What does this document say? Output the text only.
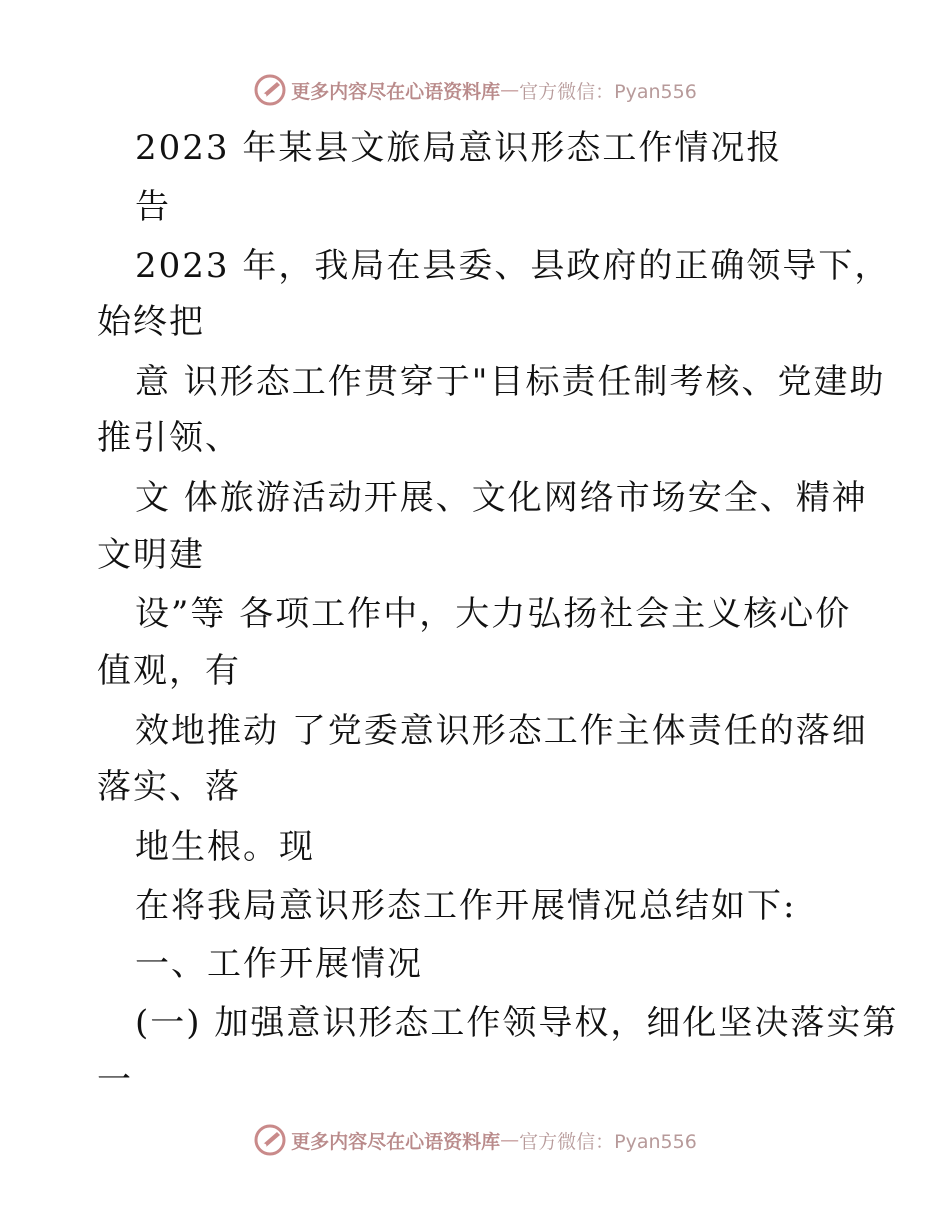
更多内容尽在心语资料库 — 官方微信：Pyan556
2023 年某县文旅局意识形态工作情况报
告
2023 年，我局在县委、县政府的正确领导下，
始终把
意 识形态工作贯穿于"目标责任制考核、党建助
推引领、
文 体旅游活动开展、文化网络市场安全、精神
文明建
设”等 各项工作中，大力弘扬社会主义核心价
值观，有
效地推动 了党委意识形态工作主体责任的落细
落实、落
地生根。现
在将我局意识形态工作开展情况总结如下:
一、工作开展情况
(一) 加强意识形态工作领导权，细化坚决落实第
一
更多内容尽在心语资料库 — 官方微信：Pyan556
